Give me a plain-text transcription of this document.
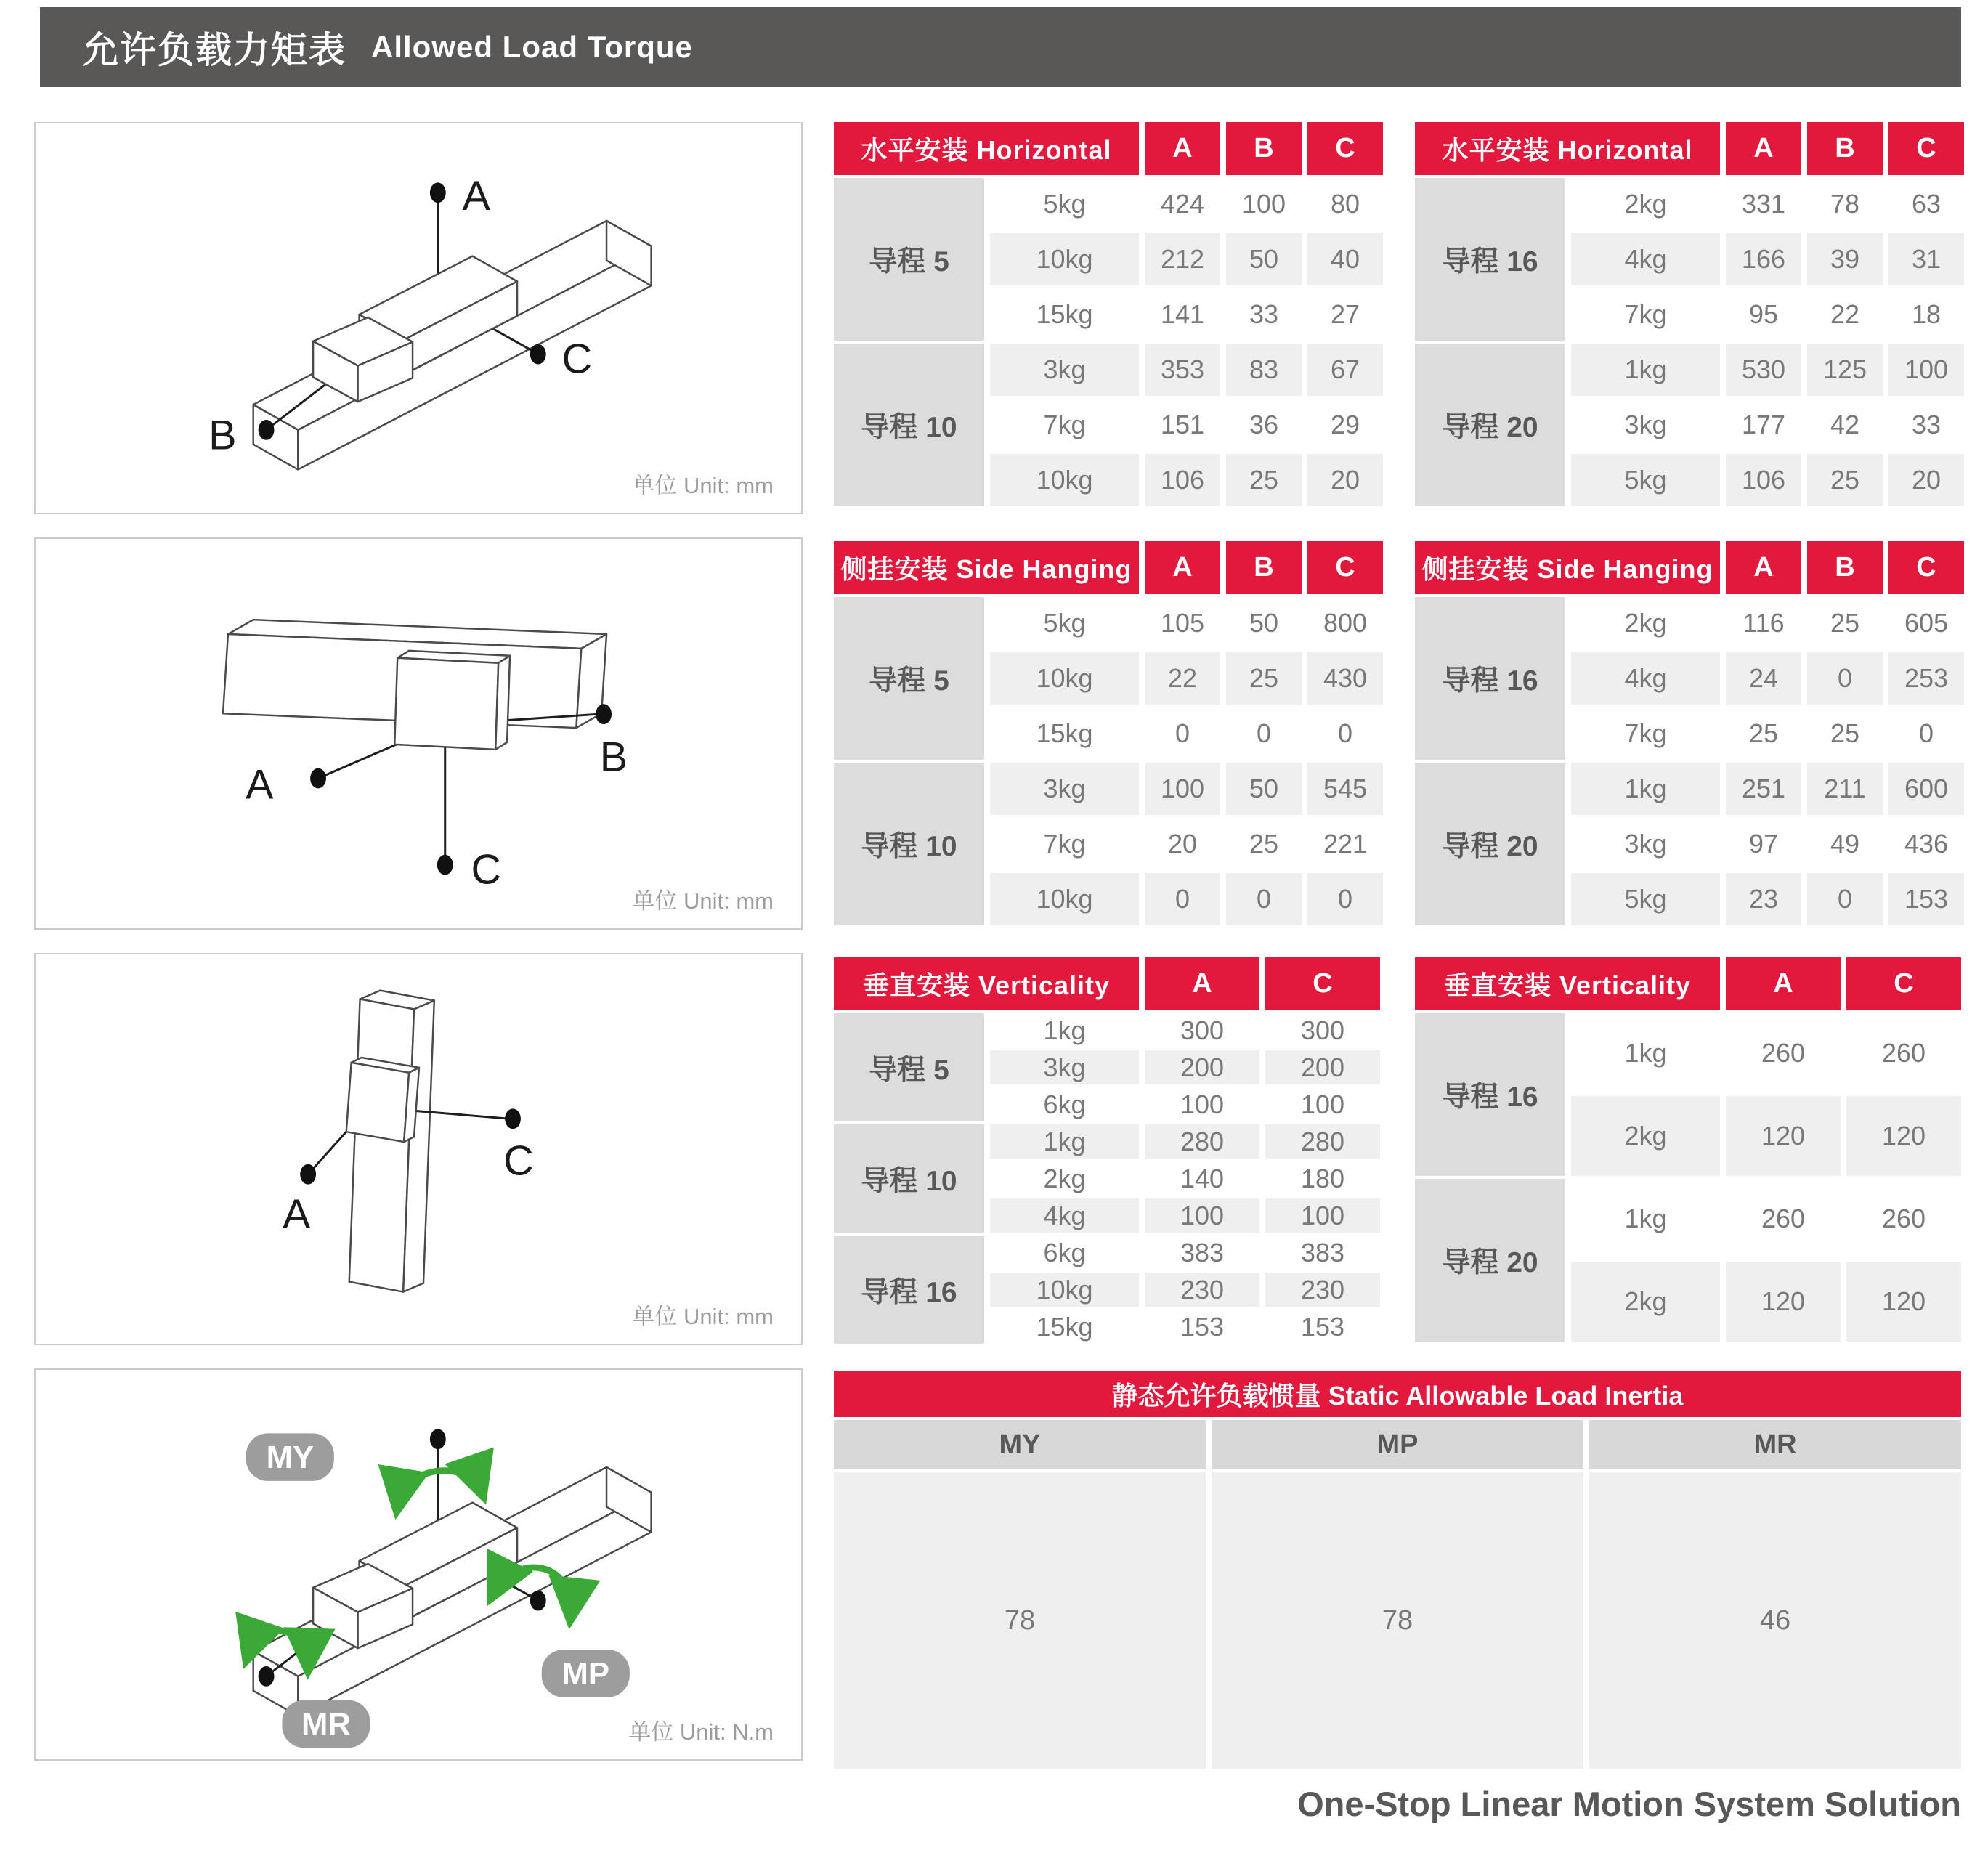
允许负载力矩表 Allowed Load Torque
A
B
C
单位 Unit: mm
A
B
C
单位 Unit: mm
A
C
单位 Unit: mm
MY
MP
MR	单位 Unit: N.m
水平安装 Horizontal	A	B	C
导程 5
5kg	424	100	80
10kg	212	50	40
15kg	141	33	27
导程 10
3kg	353	83	67
7kg	151	36	29
10kg	106	25	20
水平安装 Horizontal	A	B	C
导程 16
2kg	331	78	63
4kg	166	39	31
7kg	95	22	18
导程 20
1kg	530	125	100
3kg	177	42	33
5kg	106	25	20
侧挂安装 Side Hanging	A	B	C
导程 5
5kg	105	50	800
10kg	22	25	430
15kg	0	0	0
导程 10
3kg	100	50	545
7kg	20	25	221
10kg	0	0	0
侧挂安装 Side Hanging	A	B	C
导程 16
2kg	116	25	605
4kg	24	0	253
7kg	25	25	0
导程 20
1kg	251	211	600
3kg	97	49	436
5kg	23	0	153
垂直安装 Verticality	A	C
导程 5
1kg	300	300
3kg	200	200
6kg	100	100
导程 10
1kg	280	280
2kg	140	180
4kg	100	100
导程 16
6kg	383	383
10kg	230	230
15kg	153	153
垂直安装 Verticality	A	C
导程 16
1kg	260	260
2kg	120	120
导程 20
1kg	260	260
2kg	120	120
静态允许负载惯量 Static Allowable Load Inertia
MY	MP	MR
78	78	46
One-Stop Linear Motion System Solution
